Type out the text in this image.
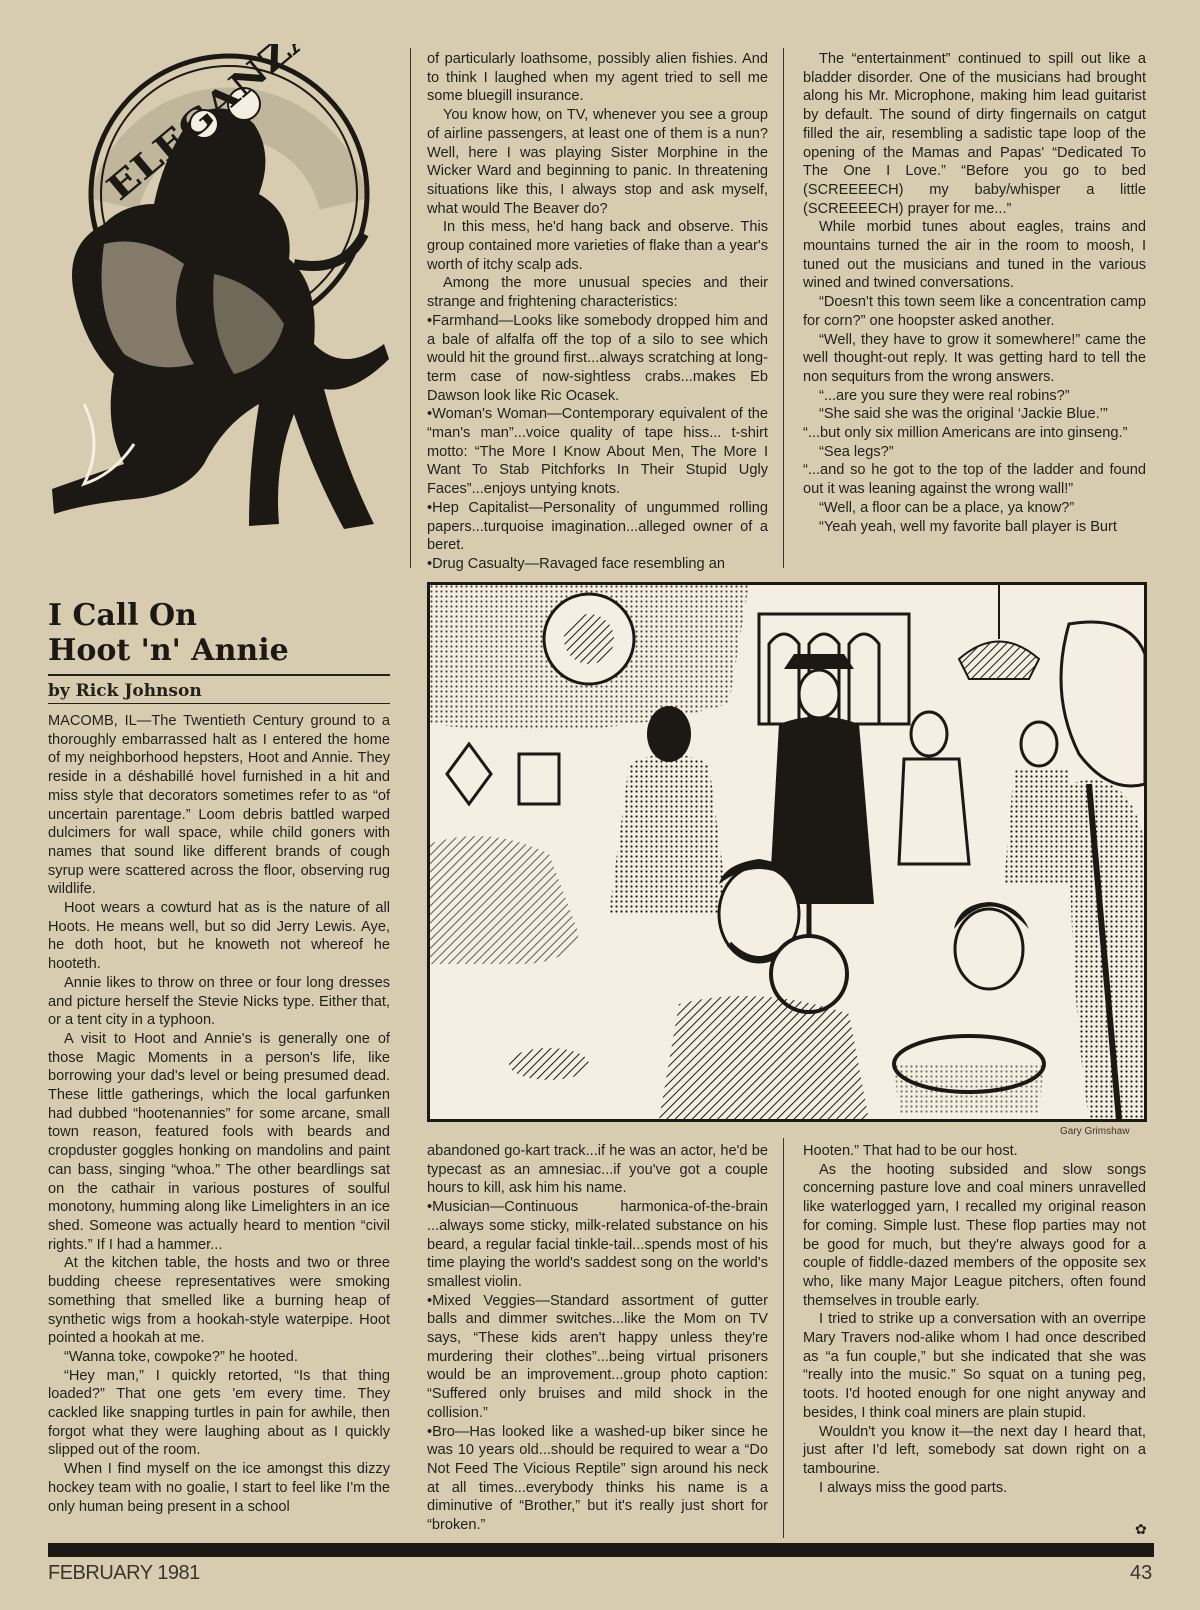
ELEGANZA
I Call On
Hoot 'n' Annie
by Rick Johnson

MACOMB, IL—The Twentieth Century ground to a thoroughly embarrassed halt as I entered the home of my neighborhood hepsters, Hoot and Annie. They reside in a déshabillé hovel furnished in a hit and miss style that decorators sometimes refer to as “of uncertain parentage.” Loom debris battled warped dulcimers for wall space, while child goners with names that sound like different brands of cough syrup were scattered across the floor, observing rug wildlife.

Hoot wears a cowturd hat as is the nature of all Hoots. He means well, but so did Jerry Lewis. Aye, he doth hoot, but he knoweth not whereof he hooteth.

Annie likes to throw on three or four long dresses and picture herself the Stevie Nicks type. Either that, or a tent city in a typhoon.

A visit to Hoot and Annie's is generally one of those Magic Moments in a person's life, like borrowing your dad's level or being presumed dead. These little gatherings, which the local garfunken had dubbed “hootenannies” for some arcane, small town reason, featured fools with beards and cropduster goggles honking on mandolins and paint can bass, singing “whoa.” The other beardlings sat on the cathair in various postures of soulful monotony, humming along like Limelighters in an ice shed. Someone was actually heard to mention “civil rights.” If I had a hammer...

At the kitchen table, the hosts and two or three budding cheese representatives were smoking something that smelled like a burning heap of synthetic wigs from a hookah-style waterpipe. Hoot pointed a hookah at me.

“Wanna toke, cowpoke?” he hooted.

“Hey man,” I quickly retorted, “Is that thing loaded?” That one gets 'em every time. They cackled like snapping turtles in pain for awhile, then forgot what they were laughing about as I quickly slipped out of the room.

When I find myself on the ice amongst this dizzy hockey team with no goalie, I start to feel like I'm the only human being present in a school

of particularly loathsome, possibly alien fishies. And to think I laughed when my agent tried to sell me some bluegill insurance.

You know how, on TV, whenever you see a group of airline passengers, at least one of them is a nun? Well, here I was playing Sister Morphine in the Wicker Ward and beginning to panic. In threatening situations like this, I always stop and ask myself, what would The Beaver do?

In this mess, he'd hang back and observe. This group contained more varieties of flake than a year's worth of itchy scalp ads.

Among the more unusual species and their strange and frightening characteristics:

•Farmhand—Looks like somebody dropped him and a bale of alfalfa off the top of a silo to see which would hit the ground first...always scratching at long-term case of now-sightless crabs...makes Eb Dawson look like Ric Ocasek.

•Woman's Woman—Contemporary equivalent of the “man's man”...voice quality of tape hiss... t-shirt motto: “The More I Know About Men, The More I Want To Stab Pitchforks In Their Stupid Ugly Faces”...enjoys untying knots.

•Hep Capitalist—Personality of ungummed rolling papers...turquoise imagination...alleged owner of a beret.

•Drug Casualty—Ravaged face resembling an

The “entertainment” continued to spill out like a bladder disorder. One of the musicians had brought along his Mr. Microphone, making him lead guitarist by default. The sound of dirty fingernails on catgut filled the air, resembling a sadistic tape loop of the opening of the Mamas and Papas' “Dedicated To The One I Love.” “Before you go to bed (SCREEEECH) my baby/whisper a little (SCREEEECH) prayer for me...”

While morbid tunes about eagles, trains and mountains turned the air in the room to moosh, I tuned out the musicians and tuned in the various wined and twined conversations.

“Doesn't this town seem like a concentration camp for corn?” one hoopster asked another.

“Well, they have to grow it somewhere!” came the well thought-out reply. It was getting hard to tell the non sequiturs from the wrong answers.

“...are you sure they were real robins?”

“She said she was the original ‘Jackie Blue.’”

“...but only six million Americans are into ginseng.”

“Sea legs?”

“...and so he got to the top of the ladder and found out it was leaning against the wrong wall!”

“Well, a floor can be a place, ya know?”

“Yeah yeah, well my favorite ball player is Burt

Gary Grimshaw

abandoned go-kart track...if he was an actor, he'd be typecast as an amnesiac...if you've got a couple hours to kill, ask him his name.

•Musician—Continuous harmonica-of-the-brain ...always some sticky, milk-related substance on his beard, a regular facial tinkle-tail...spends most of his time playing the world's saddest song on the world's smallest violin.

•Mixed Veggies—Standard assortment of gutter balls and dimmer switches...like the Mom on TV says, “These kids aren't happy unless they're murdering their clothes”...being virtual prisoners would be an improvement...group photo caption: “Suffered only bruises and mild shock in the collision.”

•Bro—Has looked like a washed-up biker since he was 10 years old...should be required to wear a “Do Not Feed The Vicious Reptile” sign around his neck at all times...everybody thinks his name is a diminutive of “Brother,” but it's really just short for “broken.”

Hooten.” That had to be our host.

As the hooting subsided and slow songs concerning pasture love and coal miners unravelled like waterlogged yarn, I recalled my original reason for coming. Simple lust. These flop parties may not be good for much, but they're always good for a couple of fiddle-dazed members of the opposite sex who, like many Major League pitchers, often found themselves in trouble early.

I tried to strike up a conversation with an overripe Mary Travers nod-alike whom I had once described as “a fun couple,” but she indicated that she was “really into the music.” So squat on a tuning peg, toots. I'd hooted enough for one night anyway and besides, I think coal miners are plain stupid.

Wouldn't you know it—the next day I heard that, just after I'd left, somebody sat down right on a tambourine.

I always miss the good parts.

✿
FEBRUARY 1981	43
